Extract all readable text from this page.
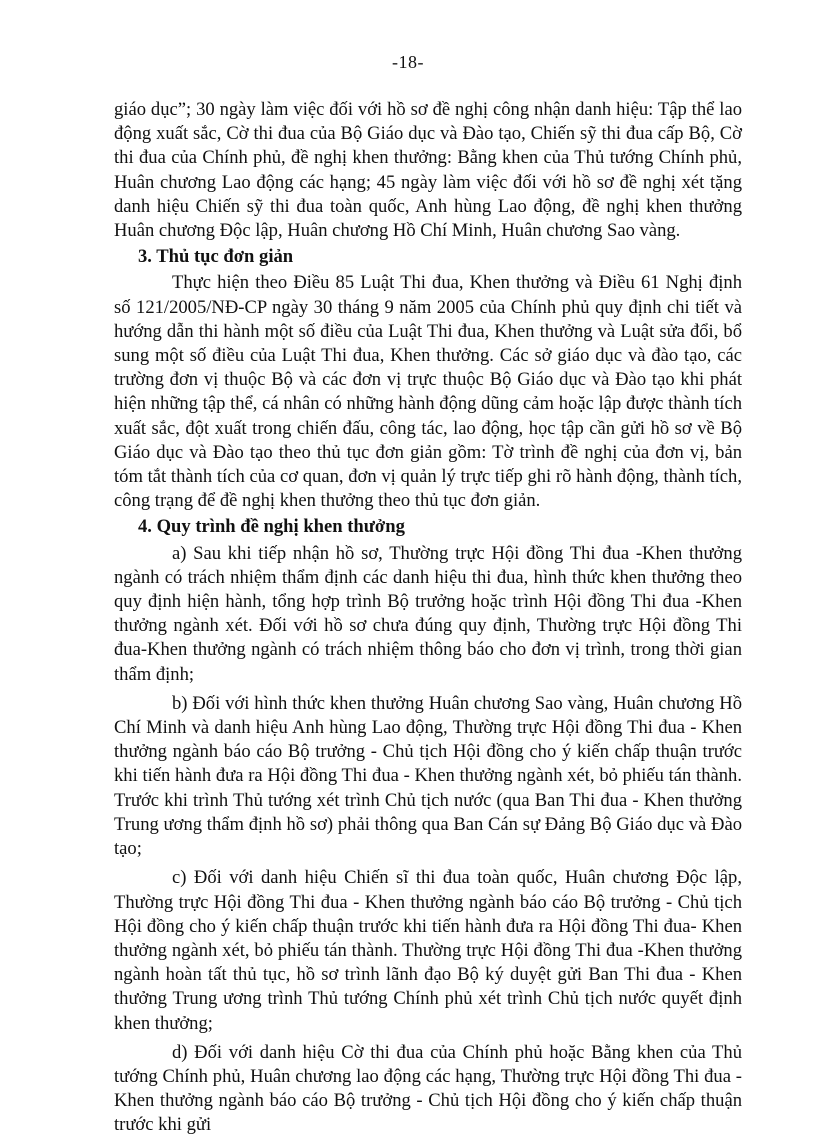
-18-

giáo dục”; 30 ngày làm việc đối với hồ sơ đề nghị công nhận danh hiệu: Tập thể lao động xuất sắc, Cờ thi đua của Bộ Giáo dục và Đào tạo, Chiến sỹ thi đua cấp Bộ, Cờ thi đua của Chính phủ, đề nghị khen thưởng: Bằng khen của Thủ tướng Chính phủ, Huân chương Lao động các hạng; 45 ngày làm việc đối với hồ sơ đề nghị xét tặng danh hiệu Chiến sỹ thi đua toàn quốc, Anh hùng Lao động, đề nghị khen thưởng Huân chương Độc lập, Huân chương Hồ Chí Minh, Huân chương Sao vàng.

3. Thủ tục đơn giản

Thực hiện theo Điều 85 Luật Thi đua, Khen thưởng và Điều 61 Nghị định số 121/2005/NĐ-CP ngày 30 tháng 9 năm 2005 của Chính phủ quy định chi tiết và hướng dẫn thi hành một số điều của Luật Thi đua, Khen thưởng và Luật sửa đổi, bổ sung một số điều của Luật Thi đua, Khen thưởng. Các sở giáo dục và đào tạo, các trường đơn vị thuộc Bộ và các đơn vị trực thuộc Bộ Giáo dục và Đào tạo khi phát hiện những tập thể, cá nhân có những hành động dũng cảm hoặc lập được thành tích xuất sắc, đột xuất trong chiến đấu, công tác, lao động, học tập cần gửi hồ sơ về Bộ Giáo dục và Đào tạo theo thủ tục đơn giản gồm: Tờ trình đề nghị của đơn vị, bản tóm tắt thành tích của cơ quan, đơn vị quản lý trực tiếp ghi rõ hành động, thành tích, công trạng để đề nghị khen thưởng theo thủ tục đơn giản.

4. Quy trình đề nghị khen thưởng

a) Sau khi tiếp nhận hồ sơ, Thường trực Hội đồng Thi đua -Khen thưởng ngành có trách nhiệm thẩm định các danh hiệu thi đua, hình thức khen thưởng theo quy định hiện hành, tổng hợp trình Bộ trưởng hoặc trình Hội đồng Thi đua -Khen thưởng ngành xét. Đối với hồ sơ chưa đúng quy định, Thường trực Hội đồng Thi đua-Khen thưởng ngành có trách nhiệm thông báo cho đơn vị trình, trong thời gian thẩm định;

b) Đối với hình thức khen thưởng Huân chương Sao vàng, Huân chương Hồ Chí Minh và danh hiệu Anh hùng Lao động, Thường trực Hội đồng Thi đua - Khen thưởng ngành báo cáo Bộ trưởng - Chủ tịch Hội đồng cho ý kiến chấp thuận trước khi tiến hành đưa ra Hội đồng Thi đua - Khen thưởng ngành xét, bỏ phiếu tán thành. Trước khi trình Thủ tướng xét trình Chủ tịch nước (qua Ban Thi đua - Khen thưởng Trung ương thẩm định hồ sơ) phải thông qua Ban Cán sự Đảng Bộ Giáo dục và Đào tạo;

c) Đối với danh hiệu Chiến sĩ thi đua toàn quốc, Huân chương Độc lập, Thường trực Hội đồng Thi đua - Khen thưởng ngành báo cáo Bộ trưởng - Chủ tịch Hội đồng cho ý kiến chấp thuận trước khi tiến hành đưa ra Hội đồng Thi đua- Khen thưởng ngành xét, bỏ phiếu tán thành. Thường trực Hội đồng Thi đua -Khen thưởng ngành hoàn tất thủ tục, hồ sơ trình lãnh đạo Bộ ký duyệt gửi Ban Thi đua - Khen thưởng Trung ương trình Thủ tướng Chính phủ xét trình Chủ tịch nước quyết định khen thưởng;

d) Đối với danh hiệu Cờ thi đua của Chính phủ hoặc Bằng khen của Thủ tướng Chính phủ, Huân chương lao động các hạng, Thường trực Hội đồng Thi đua - Khen thưởng ngành báo cáo Bộ trưởng - Chủ tịch Hội đồng cho ý kiến chấp thuận trước khi gửi
